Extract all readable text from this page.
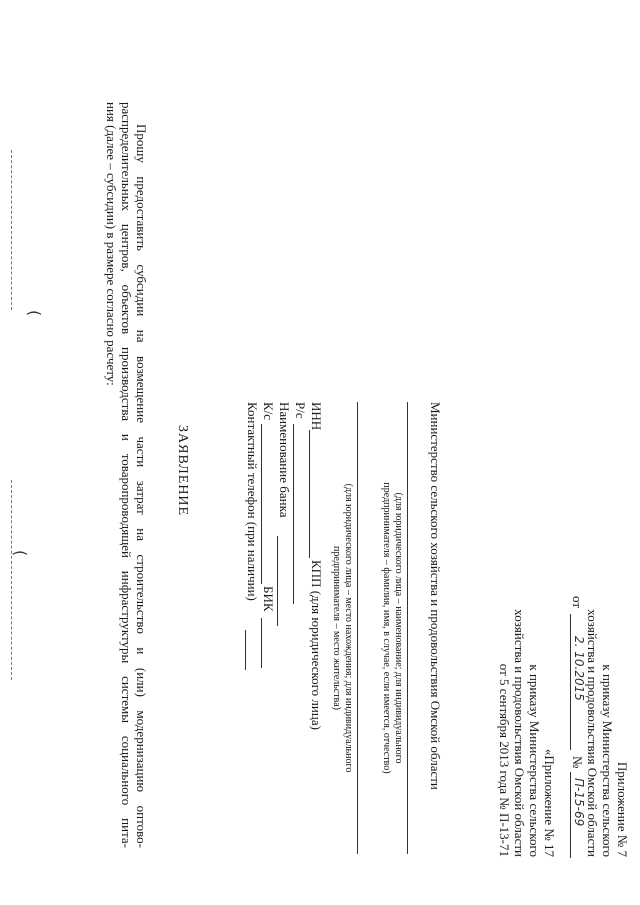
Приложение № 7
к приказу Министерства сельского
хозяйства и продовольствия Омской области
от
2. 10.2015
№
П-15-69
«Приложение № 17
к приказу Министерства сельского
хозяйства и продовольствия Омской области
от 5 сентября 2013 года № П-13-71
Министерство сельского хозяйства и продовольствия Омской области
(для юридического лица – наименование; для индивидуального
предпринимателя – фамилия, имя, в случае, если имеется, отчество)
(для юридического лица – место нахождения; для индивидуального
предпринимателя – место жительства)
ИНН
КПП (для юридического лица)
Р/с
Наименование банка
К/с
БИК
Контактный телефон (при наличии)
ЗАЯВЛЕНИЕ
Прошу предоставить субсидии на возмещение части затрат на строительство и (или) модернизацию оптово-
распределительных центров, объектов производства и товаропроводящей инфраструктуры системы социального пита-
ния (далее – субсидии) в размере согласно расчету:
(
(
